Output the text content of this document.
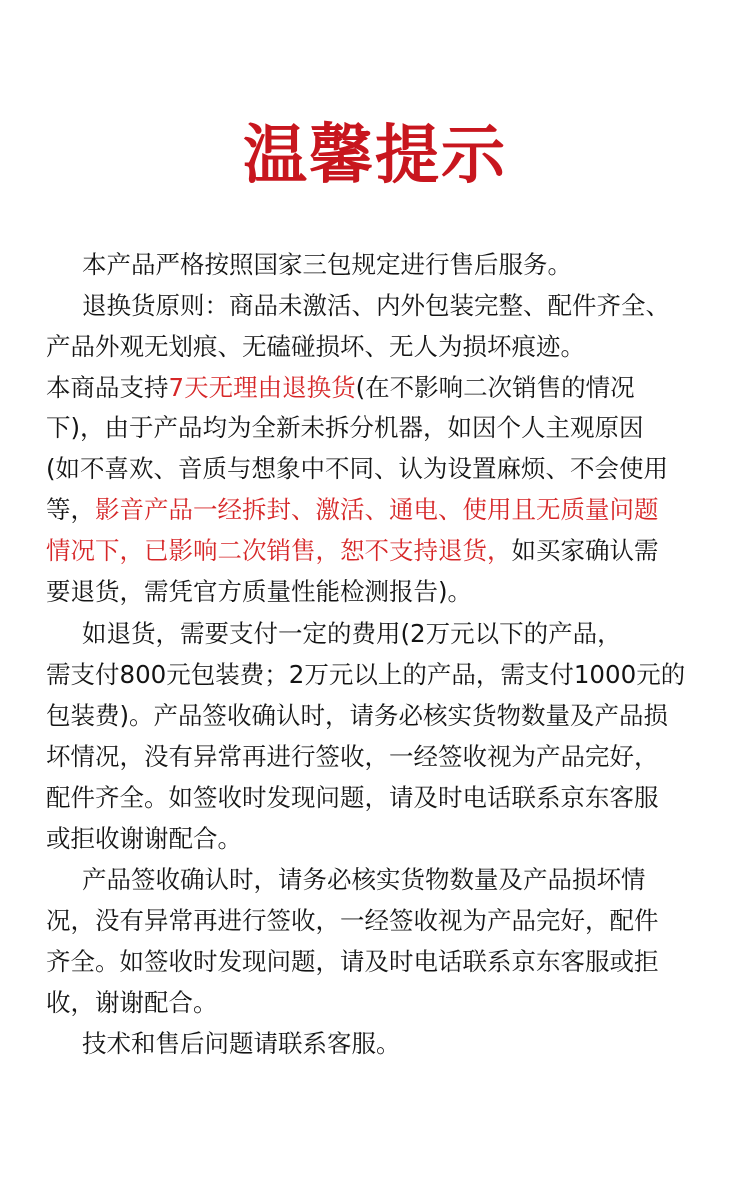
温馨提示

本产品严格按照国家三包规定进行售后服务。

退换货原则：商品未激活、内外包装完整、配件齐全、

产品外观无划痕、无磕碰损坏、无人为损坏痕迹。

本商品支持7天无理由退换货(在不影响二次销售的情况

下)，由于产品均为全新未拆分机器，如因个人主观原因

(如不喜欢、音质与想象中不同、认为设置麻烦、不会使用

等，影音产品一经拆封、激活、通电、使用且无质量问题

情况下，已影响二次销售，恕不支持退货，如买家确认需

要退货，需凭官方质量性能检测报告)。

如退货，需要支付一定的费用(2万元以下的产品，

需支付800元包装费；2万元以上的产品，需支付1000元的

包装费)。产品签收确认时，请务必核实货物数量及产品损

坏情况，没有异常再进行签收，一经签收视为产品完好，

配件齐全。如签收时发现问题，请及时电话联系京东客服

或拒收谢谢配合。

产品签收确认时，请务必核实货物数量及产品损坏情

况，没有异常再进行签收，一经签收视为产品完好，配件

齐全。如签收时发现问题，请及时电话联系京东客服或拒

收，谢谢配合。

技术和售后问题请联系客服。
